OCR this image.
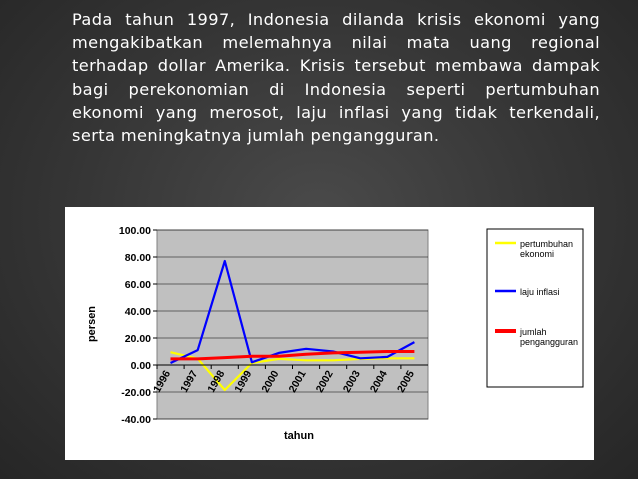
Pada tahun 1997, Indonesia dilanda krisis ekonomi yang mengakibatkan melemahnya nilai mata uang regional terhadap dollar Amerika. Krisis tersebut membawa dampak bagi perekonomian di Indonesia seperti pertumbuhan ekonomi yang merosot, laju inflasi yang tidak terkendali, serta meningkatnya jumlah pengangguran.
100.00
80.00
60.00
40.00
20.00
0.00
-20.00
-40.00
1996 1997 1998 1999 2000 2001 2002 2003 2004 2005
persen
tahun
pertumbuhan
ekonomi
laju inflasi
jumlah
pengangguran
